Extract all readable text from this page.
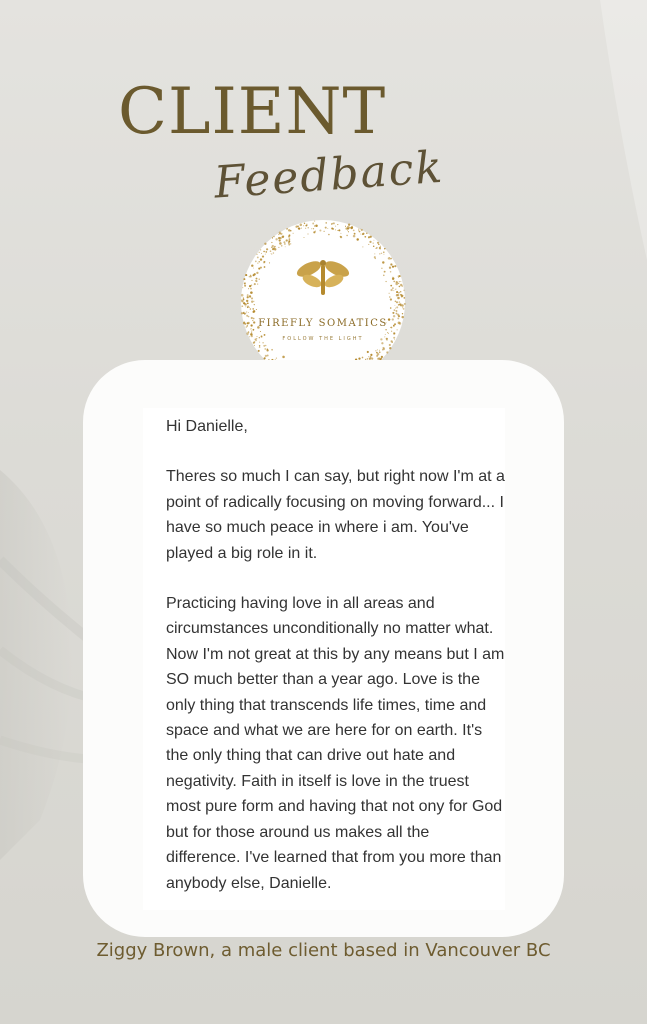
CLIENT
Feedback
FIREFLY SOMATICS
FOLLOW THE LIGHT

Hi Danielle,

Theres so much I can say, but right now I'm at a point of radically focusing on moving forward... I have so much peace in where i am. You've played a big role in it.

Practicing having love in all areas and circumstances unconditionally no matter what. Now I'm not great at this by any means but I am SO much better than a year ago. Love is the only thing that transcends life times, time and space and what we are here for on earth. It's the only thing that can drive out hate and negativity. Faith in itself is love in the truest most pure form and having that not ony for God but for those around us makes all the difference. I've learned that from you more than anybody else, Danielle.

Ziggy Brown, a male client based in Vancouver BC
